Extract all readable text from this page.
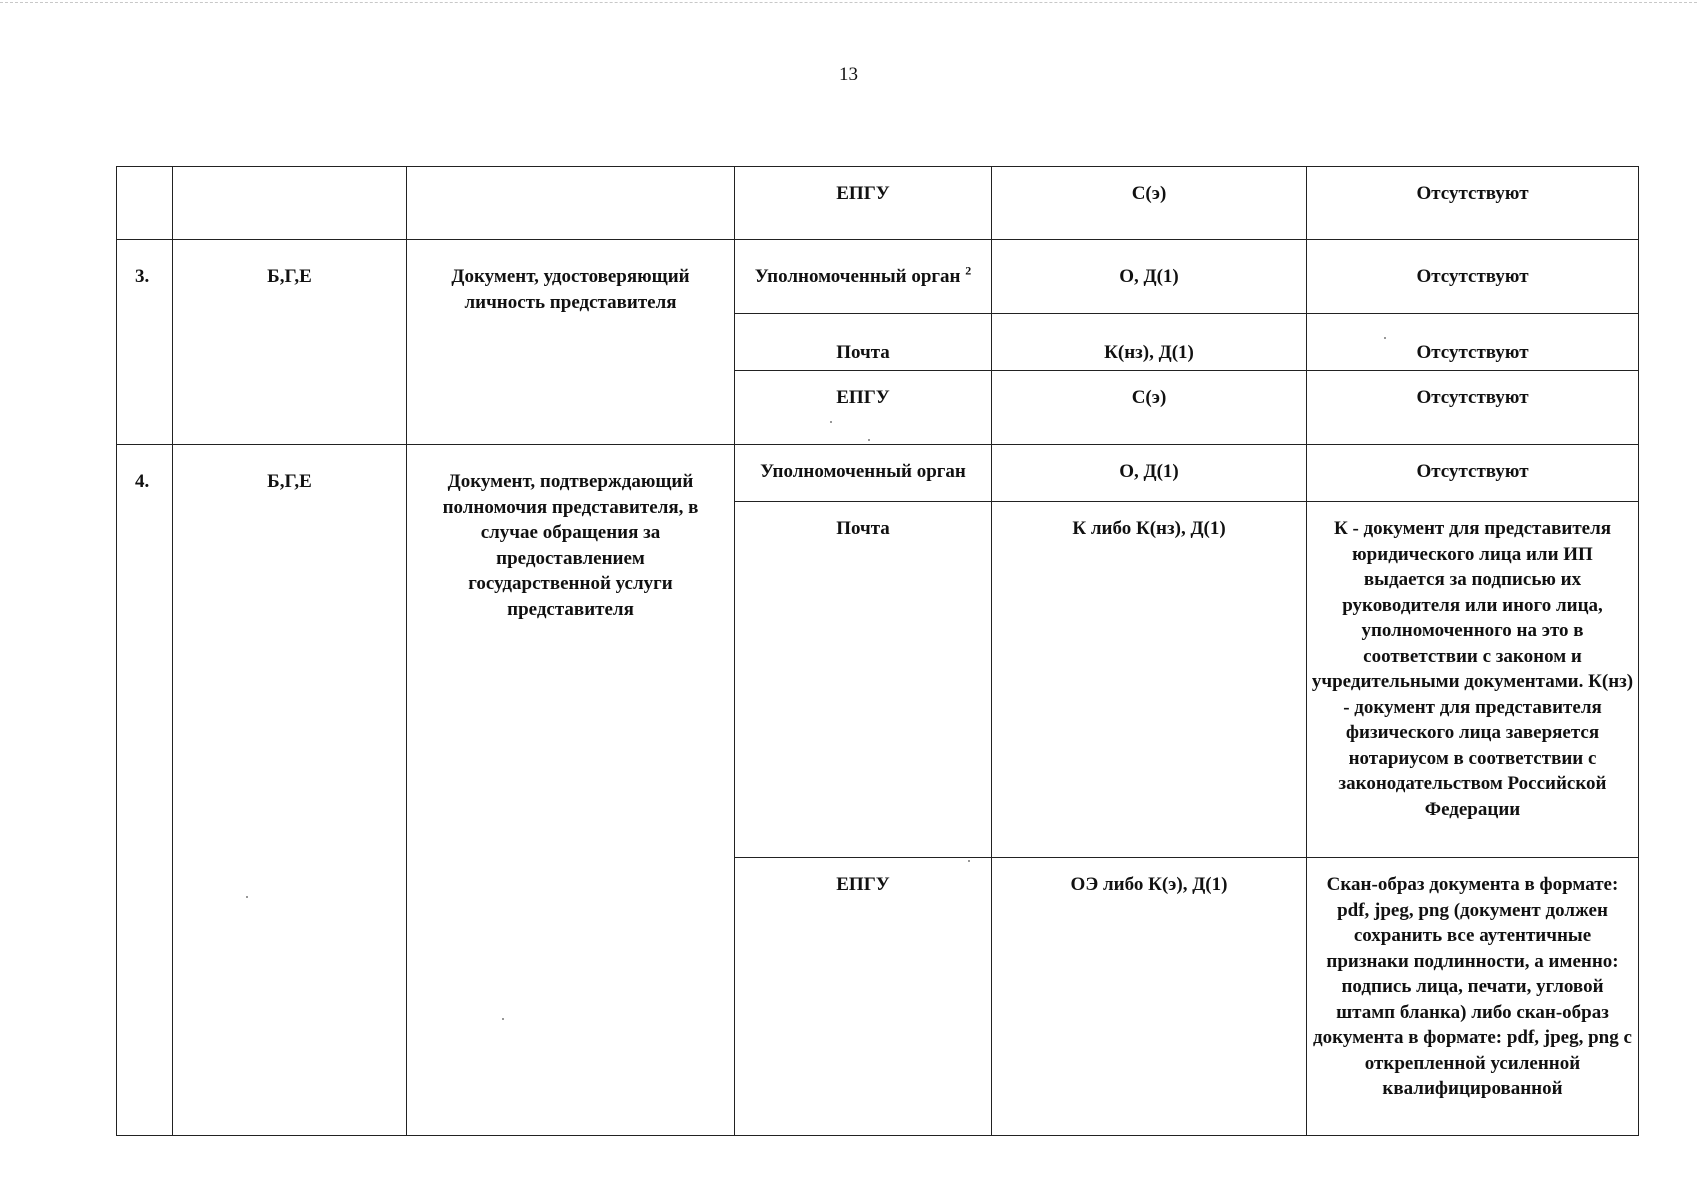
13
			ЕПГУ	С(э)	Отсутствуют
3.	Б,Г,Е	Документ, удостоверяющий личность представителя	Уполномоченный орган $^2$	О, Д(1)	Отсутствуют
			Почта	К(нз), Д(1)	Отсутствуют
			ЕПГУ	С(э)	Отсутствуют
4.	Б,Г,Е	Документ, подтверждающий полномочия представителя, в случае обращения за предоставлением государственной услуги представителя	Уполномоченный орган	О, Д(1)	Отсутствуют
			Почта	К либо К(нз), Д(1)	К - документ для представителя юридического лица или ИП выдается за подписью их руководителя или иного лица, уполномоченного на это в соответствии с законом и учредительными документами. К(нз) - документ для представителя физического лица заверяется нотариусом в соответствии с законодательством Российской Федерации
			ЕПГУ	ОЭ либо К(э), Д(1)	Скан-образ документа в формате: pdf, jpeg, png (документ должен сохранить все аутентичные признаки подлинности, а именно: подпись лица, печати, угловой штамп бланка) либо скан-образ документа в формате: pdf, jpeg, png с открепленной усиленной квалифицированной
